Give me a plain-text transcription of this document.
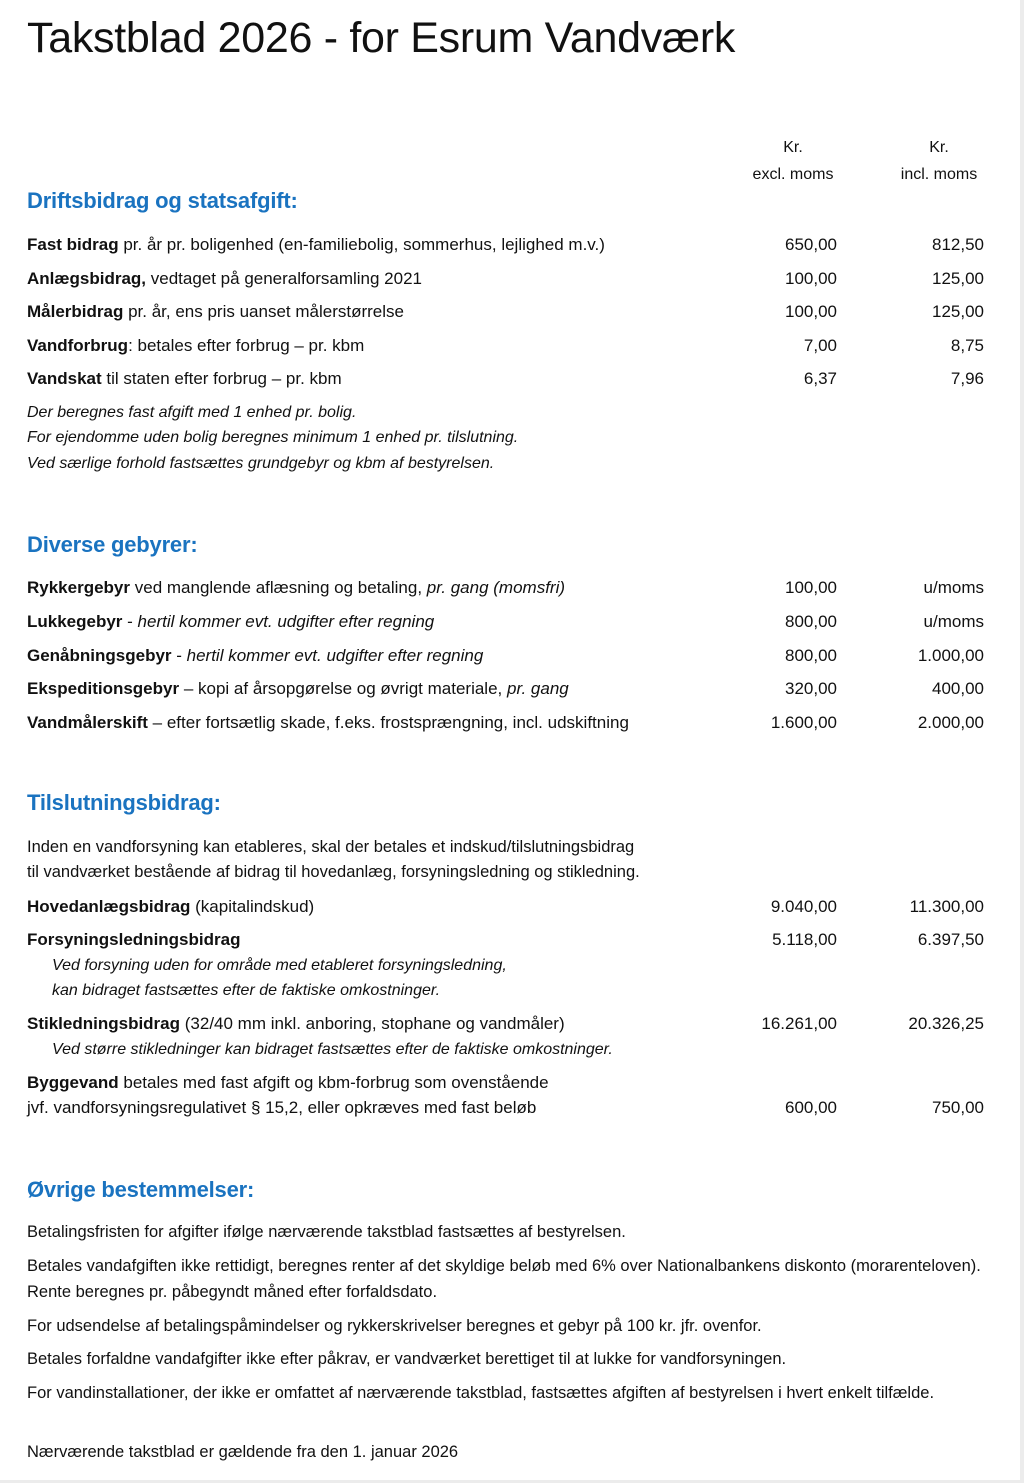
Takstblad 2026 - for Esrum Vandværk
Kr.
excl. moms
Kr.
incl. moms
Driftsbidrag og statsafgift:
Fast bidrag pr. år pr. boligenhed (en-familiebolig, sommerhus, lejlighed m.v.)	650,00	812,50
Anlægsbidrag, vedtaget på generalforsamling 2021	100,00	125,00
Målerbidrag pr. år, ens pris uanset målerstørrelse	100,00	125,00
Vandforbrug: betales efter forbrug – pr. kbm	7,00	8,75
Vandskat til staten efter forbrug – pr. kbm	6,37	7,96
Der beregnes fast afgift med 1 enhed pr. bolig.
For ejendomme uden bolig beregnes minimum 1 enhed pr. tilslutning.
Ved særlige forhold fastsættes grundgebyr og kbm af bestyrelsen.
Diverse gebyrer:
Rykkergebyr ved manglende aflæsning og betaling, pr. gang (momsfri)	100,00	u/moms
Lukkegebyr - hertil kommer evt. udgifter efter regning	800,00	u/moms
Genåbningsgebyr - hertil kommer evt. udgifter efter regning	800,00	1.000,00
Ekspeditionsgebyr – kopi af årsopgørelse og øvrigt materiale, pr. gang	320,00	400,00
Vandmålerskift – efter fortsætlig skade, f.eks. frostsprængning, incl. udskiftning	1.600,00	2.000,00
Tilslutningsbidrag:
Inden en vandforsyning kan etableres, skal der betales et indskud/tilslutningsbidrag
til vandværket bestående af bidrag til hovedanlæg, forsyningsledning og stikledning.
Hovedanlægsbidrag (kapitalindskud)	9.040,00	11.300,00
Forsyningsledningsbidrag	5.118,00	6.397,50
Ved forsyning uden for område med etableret forsyningsledning,
kan bidraget fastsættes efter de faktiske omkostninger.
Stikledningsbidrag (32/40 mm inkl. anboring, stophane og vandmåler)	16.261,00	20.326,25
Ved større stikledninger kan bidraget fastsættes efter de faktiske omkostninger.
Byggevand betales med fast afgift og kbm-forbrug som ovenstående
jvf. vandforsyningsregulativet § 15,2, eller opkræves med fast beløb	600,00	750,00
Øvrige bestemmelser:
Betalingsfristen for afgifter ifølge nærværende takstblad fastsættes af bestyrelsen.
Betales vandafgiften ikke rettidigt, beregnes renter af det skyldige beløb med 6% over Nationalbankens diskonto (morarenteloven). Rente beregnes pr. påbegyndt måned efter forfaldsdato.
For udsendelse af betalingspåmindelser og rykkerskrivelser beregnes et gebyr på 100 kr. jfr. ovenfor.
Betales forfaldne vandafgifter ikke efter påkrav, er vandværket berettiget til at lukke for vandforsyningen.
For vandinstallationer, der ikke er omfattet af nærværende takstblad, fastsættes afgiften af bestyrelsen i hvert enkelt tilfælde.
Nærværende takstblad er gældende fra den 1. januar 2026
